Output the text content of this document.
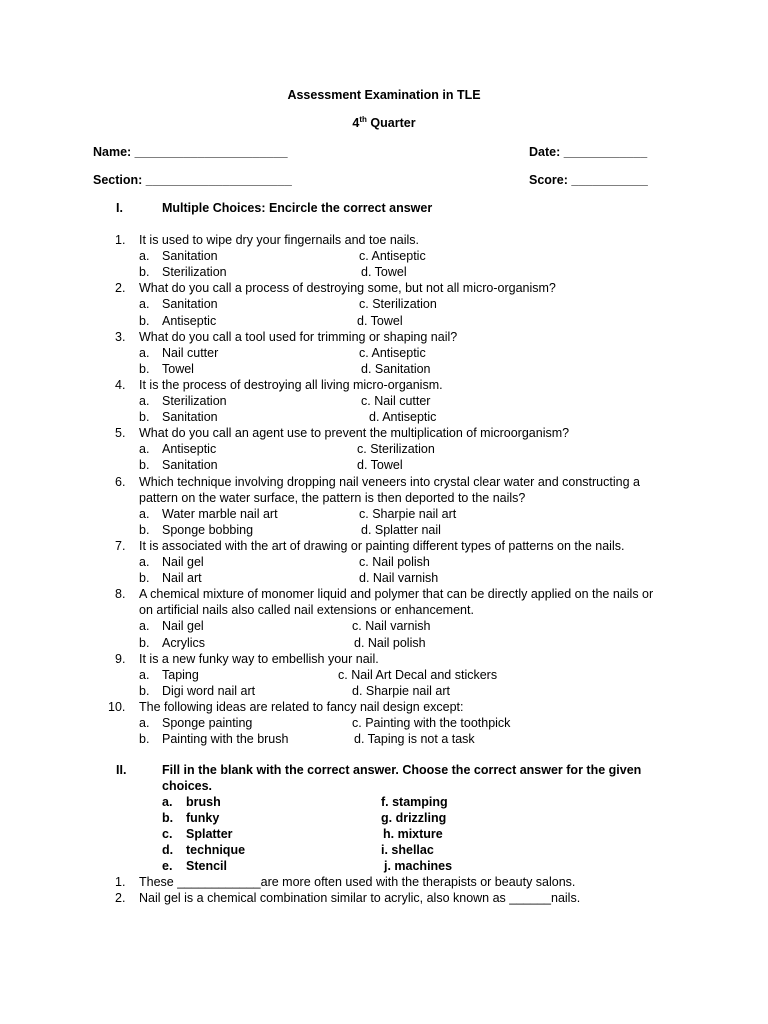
Assessment Examination in TLE
4th Quarter
Name: ______________________	Date: ____________
Section: _____________________	Score: ___________
I.	Multiple Choices: Encircle the correct answer
1. It is used to wipe dry your fingernails and toe nails.
a. Sanitation	c. Antiseptic
b. Sterilization	d. Towel
2. What do you call a process of destroying some, but not all micro-organism?
a. Sanitation	c. Sterilization
b. Antiseptic	d. Towel
3. What do you call a tool used for trimming or shaping nail?
a. Nail cutter	c. Antiseptic
b. Towel	d. Sanitation
4. It is the process of destroying all living micro-organism.
a. Sterilization	c. Nail cutter
b. Sanitation	d. Antiseptic
5. What do you call an agent use to prevent the multiplication of microorganism?
a. Antiseptic	c. Sterilization
b. Sanitation	d. Towel
6. Which technique involving dropping nail veneers into crystal clear water and constructing a
pattern on the water surface, the pattern is then deported to the nails?
a. Water marble nail art	c. Sharpie nail art
b. Sponge bobbing	d. Splatter nail
7. It is associated with the art of drawing or painting different types of patterns on the nails.
a. Nail gel	c. Nail polish
b. Nail art	d. Nail varnish
8. A chemical mixture of monomer liquid and polymer that can be directly applied on the nails or
on artificial nails also called nail extensions or enhancement.
a. Nail gel	c. Nail varnish
b. Acrylics	d. Nail polish
9. It is a new funky way to embellish your nail.
a. Taping	c. Nail Art Decal and stickers
b. Digi word nail art	d. Sharpie nail art
10. The following ideas are related to fancy nail design except:
a. Sponge painting	c. Painting with the toothpick
b. Painting with the brush	d. Taping is not a task
II.	Fill in the blank with the correct answer. Choose the correct answer for the given
choices.
a. brush	f. stamping
b. funky	g. drizzling
c. Splatter	h. mixture
d. technique	i. shellac
e. Stencil	j. machines
1. These ____________are more often used with the therapists or beauty salons.
2. Nail gel is a chemical combination similar to acrylic, also known as ______nails.
